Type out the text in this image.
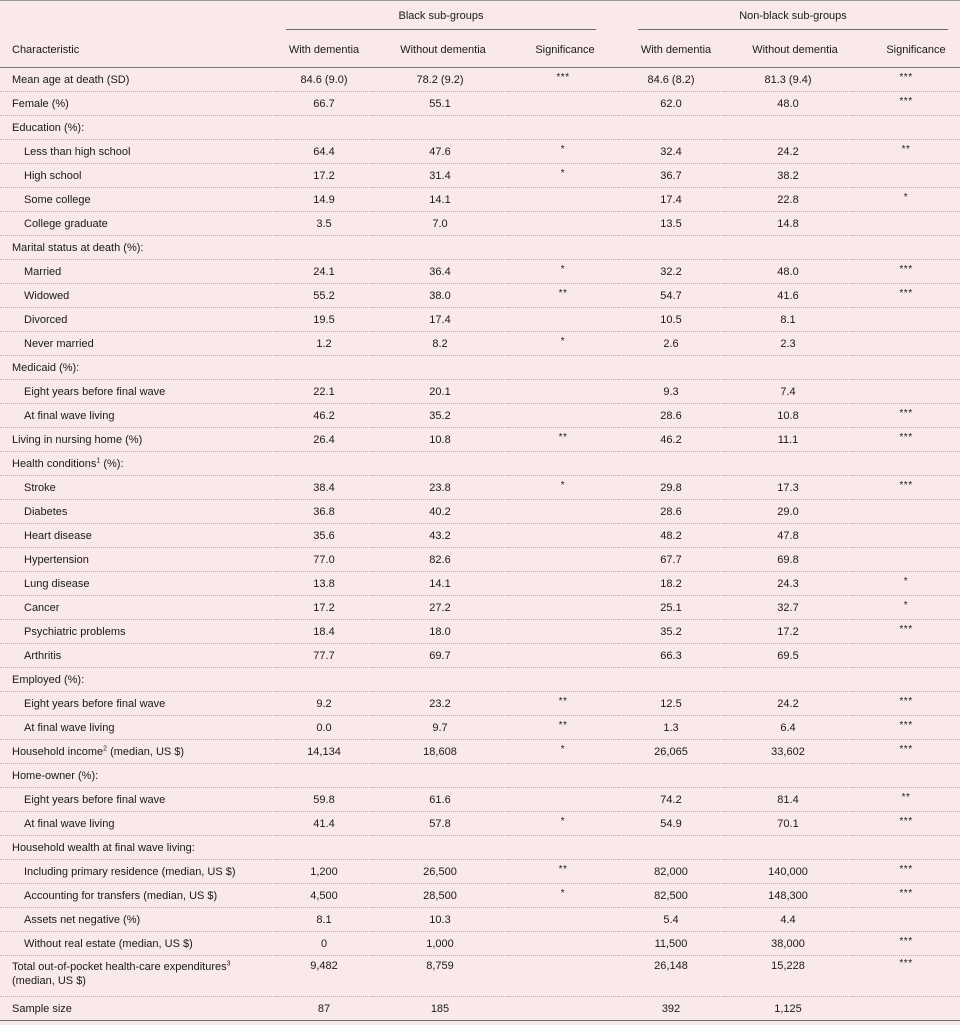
Black sub-groups	Non-black sub-groups
Characteristic	With dementia	Without dementia	Significance	With dementia	Without dementia	Significance
Mean age at death (SD)	84.6 (9.0)	78.2 (9.2)	***	84.6 (8.2)	81.3 (9.4)	***
Female (%)	66.7	55.1		62.0	48.0	***
Education (%):						
Less than high school	64.4	47.6	*	32.4	24.2	**
High school	17.2	31.4	*	36.7	38.2	
Some college	14.9	14.1		17.4	22.8	*
College graduate	3.5	7.0		13.5	14.8	
Marital status at death (%):						
Married	24.1	36.4	*	32.2	48.0	***
Widowed	55.2	38.0	**	54.7	41.6	***
Divorced	19.5	17.4		10.5	8.1	
Never married	1.2	8.2	*	2.6	2.3	
Medicaid (%):						
Eight years before final wave	22.1	20.1		9.3	7.4	
At final wave living	46.2	35.2		28.6	10.8	***
Living in nursing home (%)	26.4	10.8	**	46.2	11.1	***
Health conditions$^1$ (%):						
Stroke	38.4	23.8	*	29.8	17.3	***
Diabetes	36.8	40.2		28.6	29.0	
Heart disease	35.6	43.2		48.2	47.8	
Hypertension	77.0	82.6		67.7	69.8	
Lung disease	13.8	14.1		18.2	24.3	*
Cancer	17.2	27.2		25.1	32.7	*
Psychiatric problems	18.4	18.0		35.2	17.2	***
Arthritis	77.7	69.7		66.3	69.5	
Employed (%):						
Eight years before final wave	9.2	23.2	**	12.5	24.2	***
At final wave living	0.0	9.7	**	1.3	6.4	***
Household income$^2$ (median, US $)	14,134	18,608	*	26,065	33,602	***
Home-owner (%):						
Eight years before final wave	59.8	61.6		74.2	81.4	**
At final wave living	41.4	57.8	*	54.9	70.1	***
Household wealth at final wave living:						
Including primary residence (median, US $)	1,200	26,500	**	82,000	140,000	***
Accounting for transfers (median, US $)	4,500	28,500	*	82,500	148,300	***
Assets net negative (%)	8.1	10.3		5.4	4.4	
Without real estate (median, US $)	0	1,000		11,500	38,000	***
Total out-of-pocket health-care expenditures$^3$ (median, US $)	9,482	8,759		26,148	15,228	***
Sample size	87	185		392	1,125	
